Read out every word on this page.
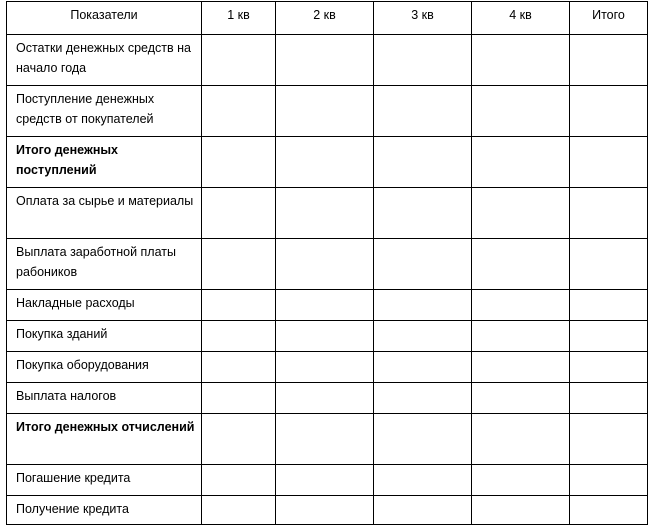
Показатели	1 кв	2 кв	3 кв	4 кв	Итого
Остатки денежных средств на начало года					
Поступление денежных средств от покупателей					
Итого денежных поступлений					
Оплата за сырье и материалы					
Выплата заработной платы рабоников					
Накладные расходы					
Покупка зданий					
Покупка оборудования					
Выплата налогов					
Итого денежных отчислений					
Погашение кредита					
Получение кредита					
